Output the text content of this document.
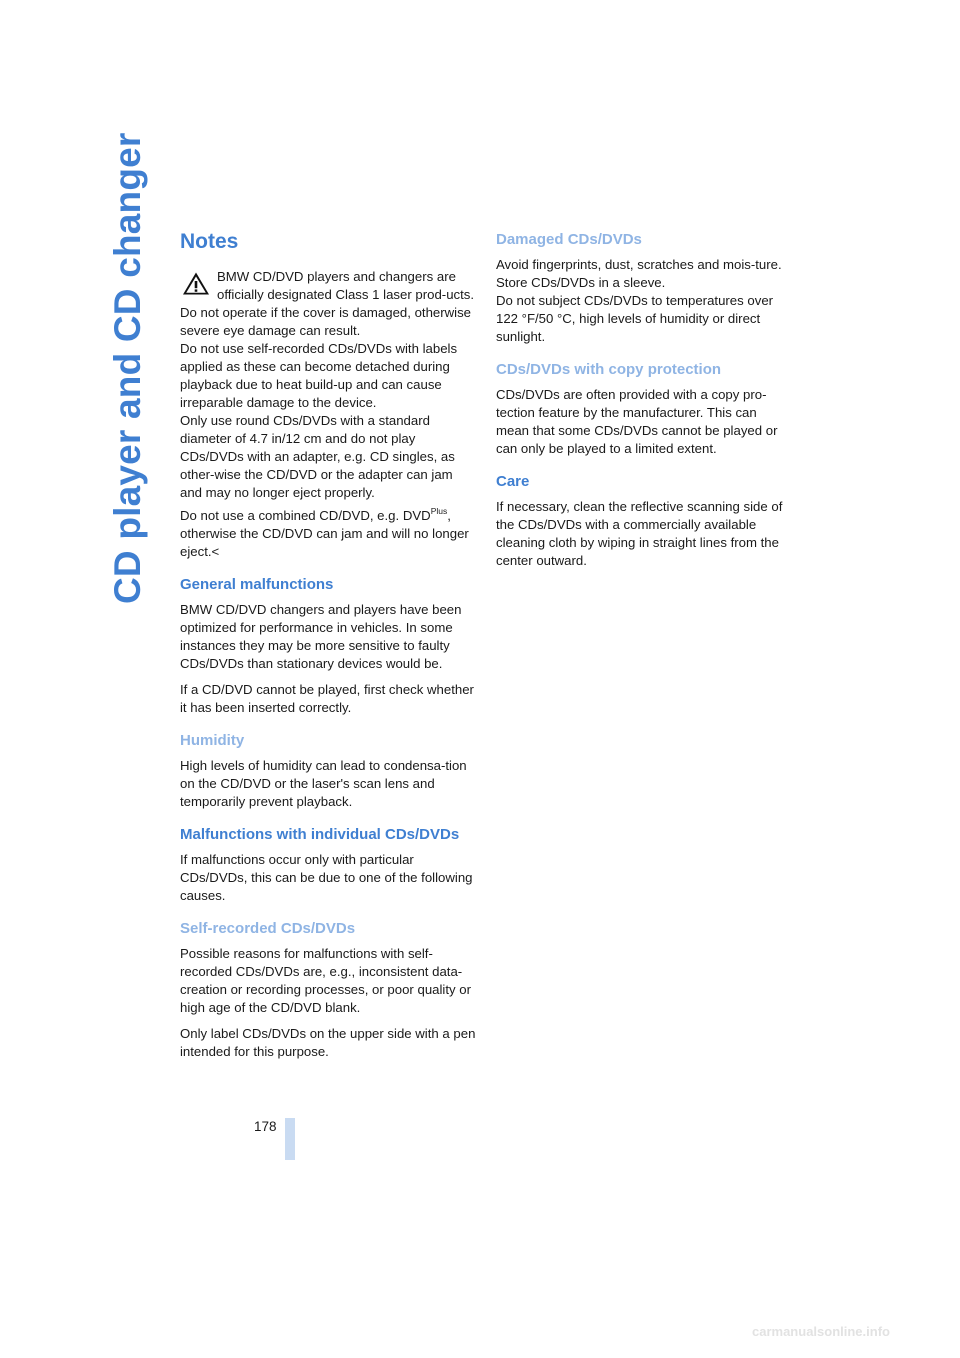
CD player and CD changer Notes

BMW CD/DVD players and changers are

officially designated Class 1 laser prod-ucts. Do not operate if the cover is damaged, otherwise severe eye damage can result.

Do not use self-recorded CDs/DVDs with labels applied as these can become detached during playback due to heat build-up and can cause irreparable damage to the device.

Only use round CDs/DVDs with a standard diameter of 4.7 in/12 cm and do not play CDs/DVDs with an adapter, e.g. CD singles, as other-wise the CD/DVD or the adapter can jam and may no longer eject properly.

Do not use a combined CD/DVD, e.g. $DVD^{Plus}$, otherwise the CD/DVD can jam and will no longer eject.<

General malfunctions

BMW CD/DVD changers and players have been optimized for performance in vehicles. In some instances they may be more sensitive to faulty CDs/DVDs than stationary devices would be.

If a CD/DVD cannot be played, first check whether it has been inserted correctly.

Humidity

High levels of humidity can lead to condensa-tion on the CD/DVD or the laser's scan lens and temporarily prevent playback.

Malfunctions with individual CDs/DVDs

If malfunctions occur only with particular CDs/DVDs, this can be due to one of the following causes.

Self-recorded CDs/DVDs

Possible reasons for malfunctions with self-recorded CDs/DVDs are, e.g., inconsistent data-creation or recording processes, or poor quality or high age of the CD/DVD blank.

Only label CDs/DVDs on the upper side with a pen intended for this purpose.

Damaged CDs/DVDs

Avoid fingerprints, dust, scratches and mois-ture.

Store CDs/DVDs in a sleeve.

Do not subject CDs/DVDs to temperatures over 122 °F/50 °C, high levels of humidity or direct sunlight.

CDs/DVDs with copy protection

CDs/DVDs are often provided with a copy pro-tection feature by the manufacturer. This can mean that some CDs/DVDs cannot be played or can only be played to a limited extent.

Care

If necessary, clean the reflective scanning side of the CDs/DVDs with a commercially available cleaning cloth by wiping in straight lines from the center outward.

178
carmanualsonline.info
